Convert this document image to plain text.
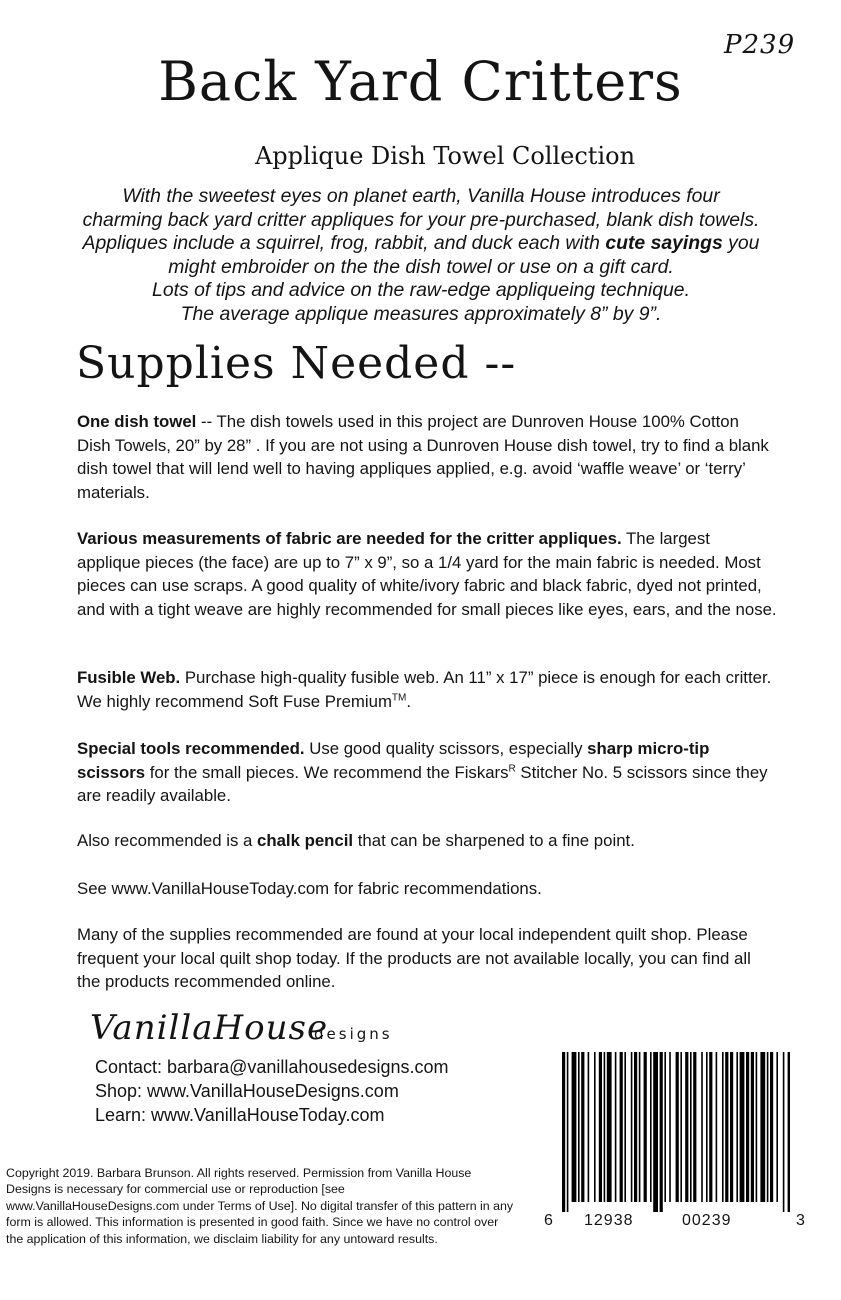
P239
Back Yard Critters
Applique Dish Towel Collection
With the sweetest eyes on planet earth, Vanilla House introduces four
charming back yard critter appliques for your pre-purchased, blank dish towels.
Appliques include a squirrel, frog, rabbit, and duck each with cute sayings you
might embroider on the the dish towel or use on a gift card.
Lots of tips and advice on the raw-edge appliqueing technique.
The average applique measures approximately 8” by 9”.
Supplies Needed --
One dish towel -- The dish towels used in this project are Dunroven House 100% Cotton Dish Towels, 20” by 28” . If you are not using a Dunroven House dish towel, try to find a blank dish towel that will lend well to having appliques applied, e.g. avoid ‘waffle weave’ or ‘terry’ materials.
Various measurements of fabric are needed for the critter appliques. The largest applique pieces (the face) are up to 7” x 9”, so a 1/4 yard for the main fabric is needed. Most pieces can use scraps. A good quality of white/ivory fabric and black fabric, dyed not printed, and with a tight weave are highly recommended for small pieces like eyes, ears, and the nose.
Fusible Web. Purchase high-quality fusible web. An 11” x 17” piece is enough for each critter. We highly recommend Soft Fuse Premium™.
Special tools recommended. Use good quality scissors, especially sharp micro-tip scissors for the small pieces. We recommend the Fiskars$^R$ Stitcher No. 5 scissors since they are readily available.
Also recommended is a chalk pencil that can be sharpened to a fine point.
See www.VanillaHouseToday.com for fabric recommendations.
Many of the supplies recommended are found at your local independent quilt shop. Please frequent your local quilt shop today. If the products are not available locally, you can find all the products recommended online.
VanillaHouse
designs
Contact: barbara@vanillahousedesigns.com
Shop: www.VanillaHouseDesigns.com
Learn: www.VanillaHouseToday.com
Copyright 2019. Barbara Brunson. All rights reserved. Permission from Vanilla House Designs is necessary for commercial use or reproduction [see www.VanillaHouseDesigns.com under Terms of Use]. No digital transfer of this pattern in any form is allowed. This information is presented in good faith. Since we have no control over the application of this information, we disclaim liability for any untoward results.
6 12938	00239	3
